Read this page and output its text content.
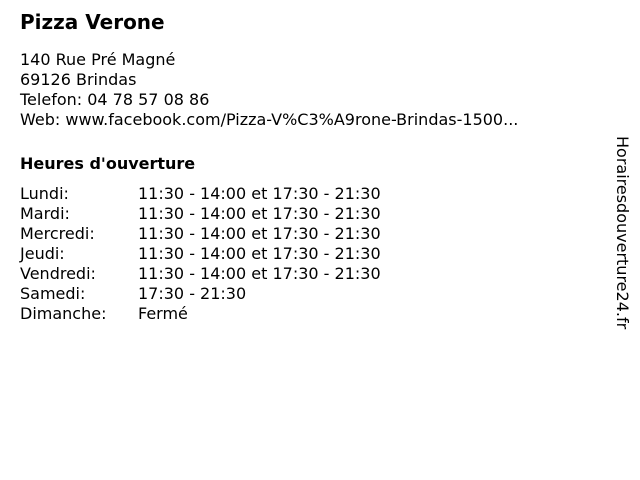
Pizza Verone
140 Rue Pré Magné
69126 Brindas
Telefon: 04 78 57 08 86
Web: www.facebook.com/Pizza-V%C3%A9rone-Brindas-1500...
Heures d'ouverture
Lundi:	11:30 - 14:00 et 17:30 - 21:30
Mardi:	11:30 - 14:00 et 17:30 - 21:30
Mercredi:	11:30 - 14:00 et 17:30 - 21:30
Jeudi:	11:30 - 14:00 et 17:30 - 21:30
Vendredi:	11:30 - 14:00 et 17:30 - 21:30
Samedi:	17:30 - 21:30
Dimanche:	Fermé	Horairesdouverture24.fr
